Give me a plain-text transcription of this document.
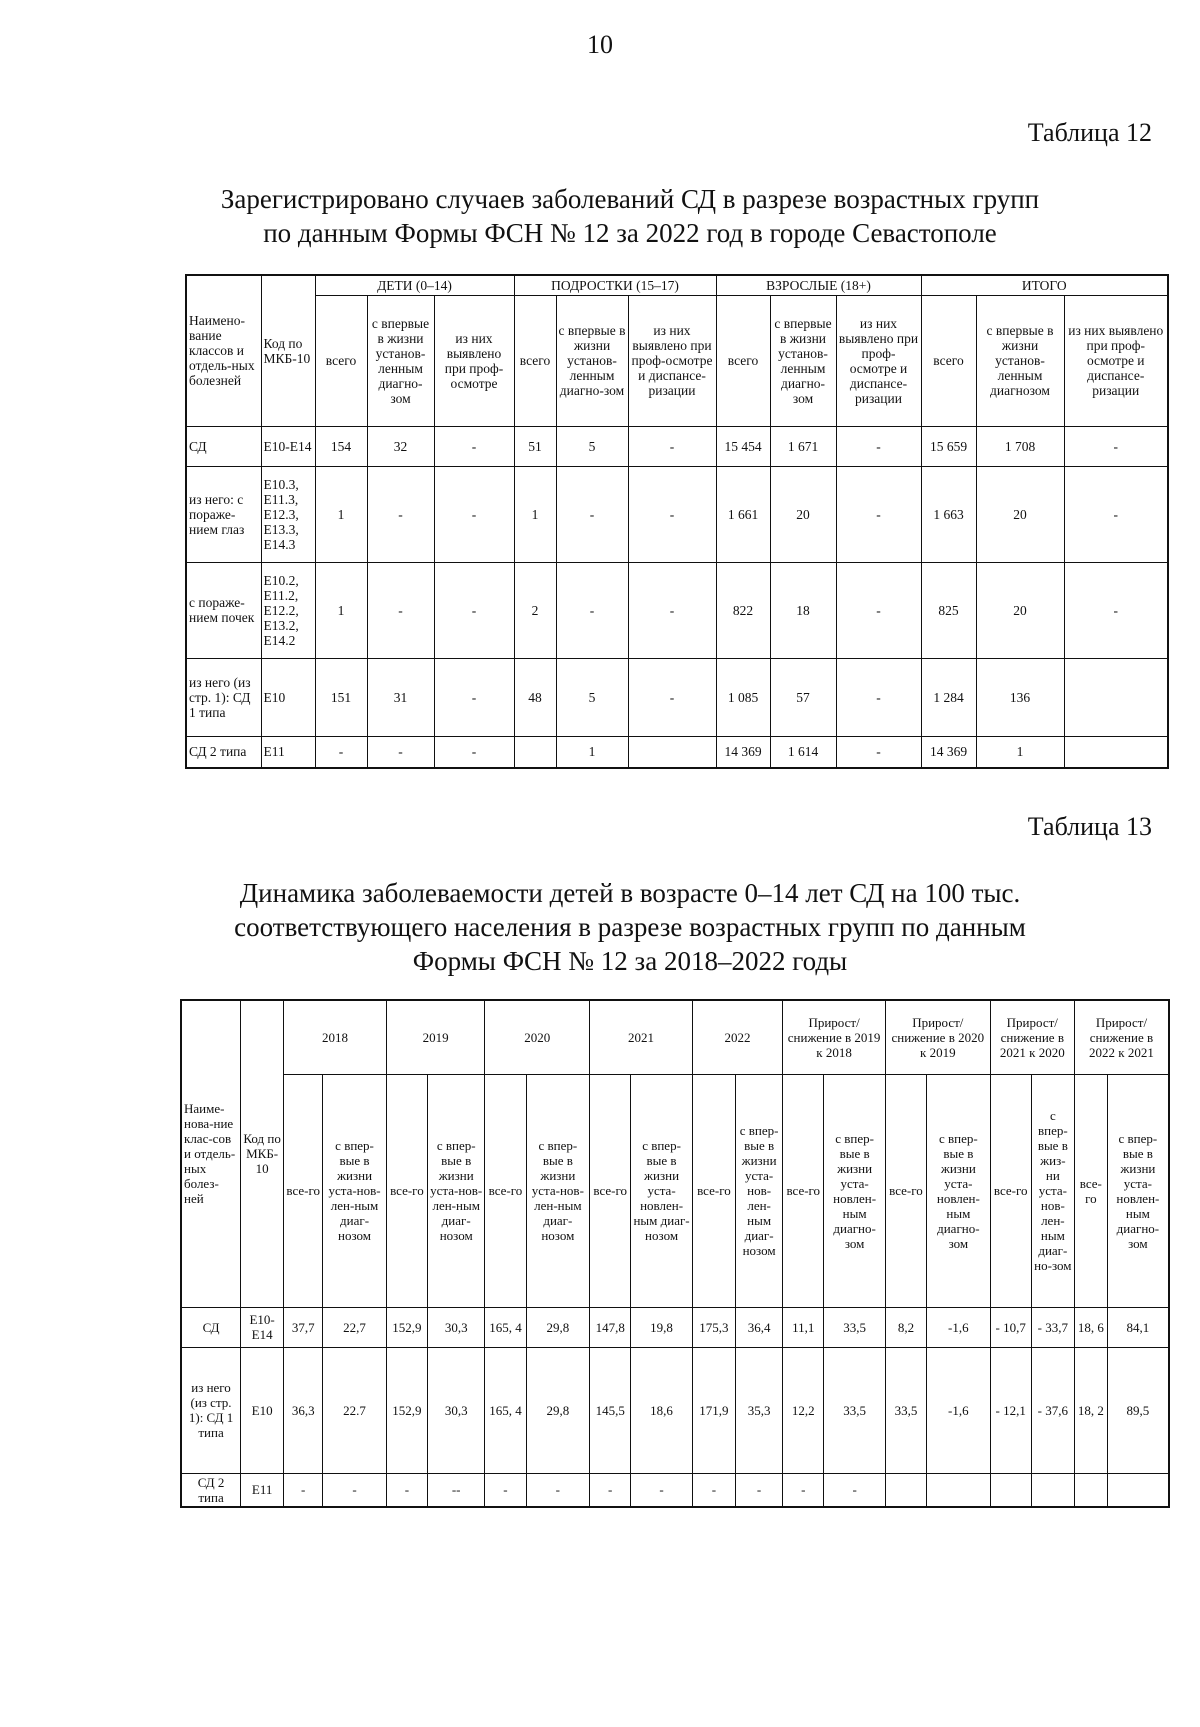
10
Таблица 12
Зарегистрировано случаев заболеваний СД в разрезе возрастных групп
по данным Формы ФСН № 12 за 2022 год в городе Севастополе
Наимено-вание классов и отдель-ных болезней	Код по МКБ-10	ДЕТИ (0–14)			ПОДРОСТКИ (15–17)			ВЗРОСЛЫЕ (18+)			ИТОГО		
		всего	с впервые в жизни установ-ленным диагно-зом	из них выявлено при проф-осмотре	всего	с впервые в жизни установ-ленным диагно-зом	из них выявлено при проф-осмотре и диспансе-ризации	всего	с впервые в жизни установ-ленным диагно-зом	из них выявлено при проф-осмотре и диспансе-ризации	всего	с впервые в жизни установ-ленным диагнозом	из них выявлено при проф-осмотре и диспансе-ризации
СД	Е10-Е14	154	32	-	51	5	-	15 454	1 671	-	15 659	1 708	-
из него: с пораже-нием глаз	Е10.3, Е11.3, Е12.3, Е13.3, Е14.3	1	-	-	1	-	-	1 661	20	-	1 663	20	-
с пораже-нием почек	Е10.2, Е11.2, Е12.2, Е13.2, Е14.2	1	-	-	2	-	-	822	18	-	825	20	-
из него (из стр. 1): СД 1 типа	Е10	151	31	-	48	5	-	1 085	57	-	1 284	136	
СД 2 типа	Е11	-	-	-		1		14 369	1 614	-	14 369	1	
Таблица 13
Динамика заболеваемости детей в возрасте 0–14 лет СД на 100 тыс.
соответствующего населения в разрезе возрастных групп по данным
Формы ФСН № 12 за 2018–2022 годы
Наиме-нова-ние клас-сов и отдель-ных болез-ней	Код по МКБ-10	2018		2019		2020		2021		2022		Прирост/ снижение в 2019 к 2018		Прирост/ снижение в 2020 к 2019		Прирост/ снижение в 2021 к 2020		Прирост/ снижение в 2022 к 2021	
		все-го	с впер-вые в жизни уста-нов-лен-ным диаг-нозом	все-го	с впер-вые в жизни уста-нов-лен-ным диаг-нозом	все-го	с впер-вые в жизни уста-нов-лен-ным диаг-нозом	все-го	с впер-вые в жизни уста-новлен-ным диаг-нозом	все-го	с впер-вые в жизни уста-нов-лен-ным диаг-нозом	все-го	с впер-вые в жизни уста-новлен-ным диагно-зом	все-го	с впер-вые в жизни уста-новлен-ным диагно-зом	все-го	с впер-вые в жиз-ни уста-нов-лен-ным диаг-но-зом	все-го	с впер-вые в жизни уста-новлен-ным диагно-зом
СД	Е10-Е14	37,7	22,7	152,9	30,3	165, 4	29,8	147,8	19,8	175,3	36,4	11,1	33,5	8,2	-1,6	- 10,7	- 33,7	18, 6	84,1
из него (из стр. 1): СД 1 типа	Е10	36,3	22.7	152,9	30,3	165, 4	29,8	145,5	18,6	171,9	35,3	12,2	33,5	33,5	-1,6	- 12,1	- 37,6	18, 2	89,5
СД 2 типа	Е11	-	-	-	--	-	-	-	-	-	-	-	-						
